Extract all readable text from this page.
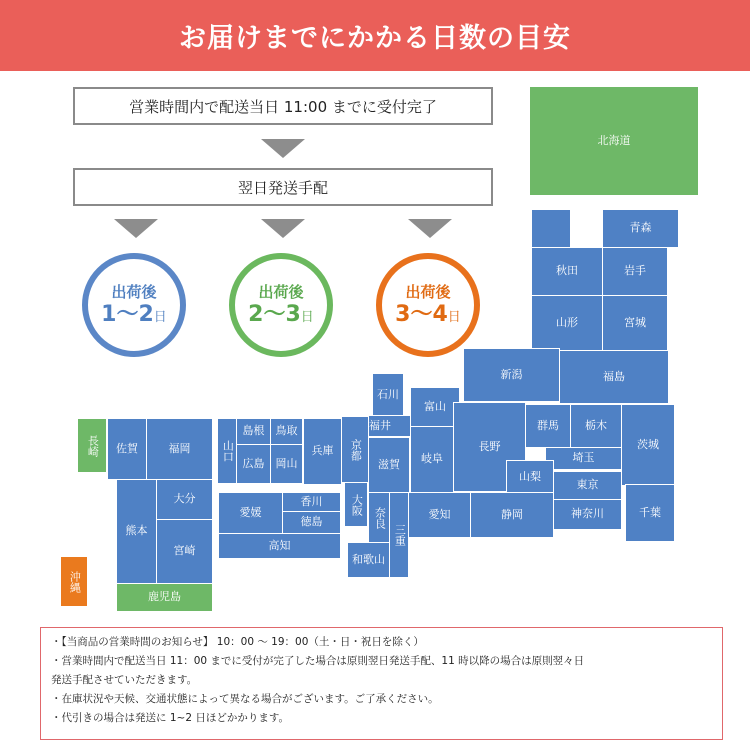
お届けまでにかかる日数の目安
営業時間内で配送当日 11:00 までに受付完了
翌日発送手配
出荷後
1〜2日
出荷後
2〜3日
出荷後
3〜4日
北海道
青森
秋田	岩手
山形	宮城
新潟	福島
石川
富山
福井
長野
群馬	栃木
茨城
埼玉
山梨
東京
千葉
神奈川
静岡
愛知
岐阜
滋賀
京都
大阪
奈良
三重
和歌山
兵庫
島根	鳥取
山口
広島	岡山
香川
愛媛
徳島
高知
長崎	佐賀	福岡
大分
熊本
宮崎
鹿児島
沖縄
・【当商品の営業時間のお知らせ】 10：00 〜 19：00（土・日・祝日を除く）
・営業時間内で配送当日 11：00 までに受付が完了した場合は原則翌日発送手配、11 時以降の場合は原則翌々日
発送手配させていただきます。
・在庫状況や天候、交通状態によって異なる場合がございます。ご了承ください。
・代引きの場合は発送に 1~2 日ほどかかります。
